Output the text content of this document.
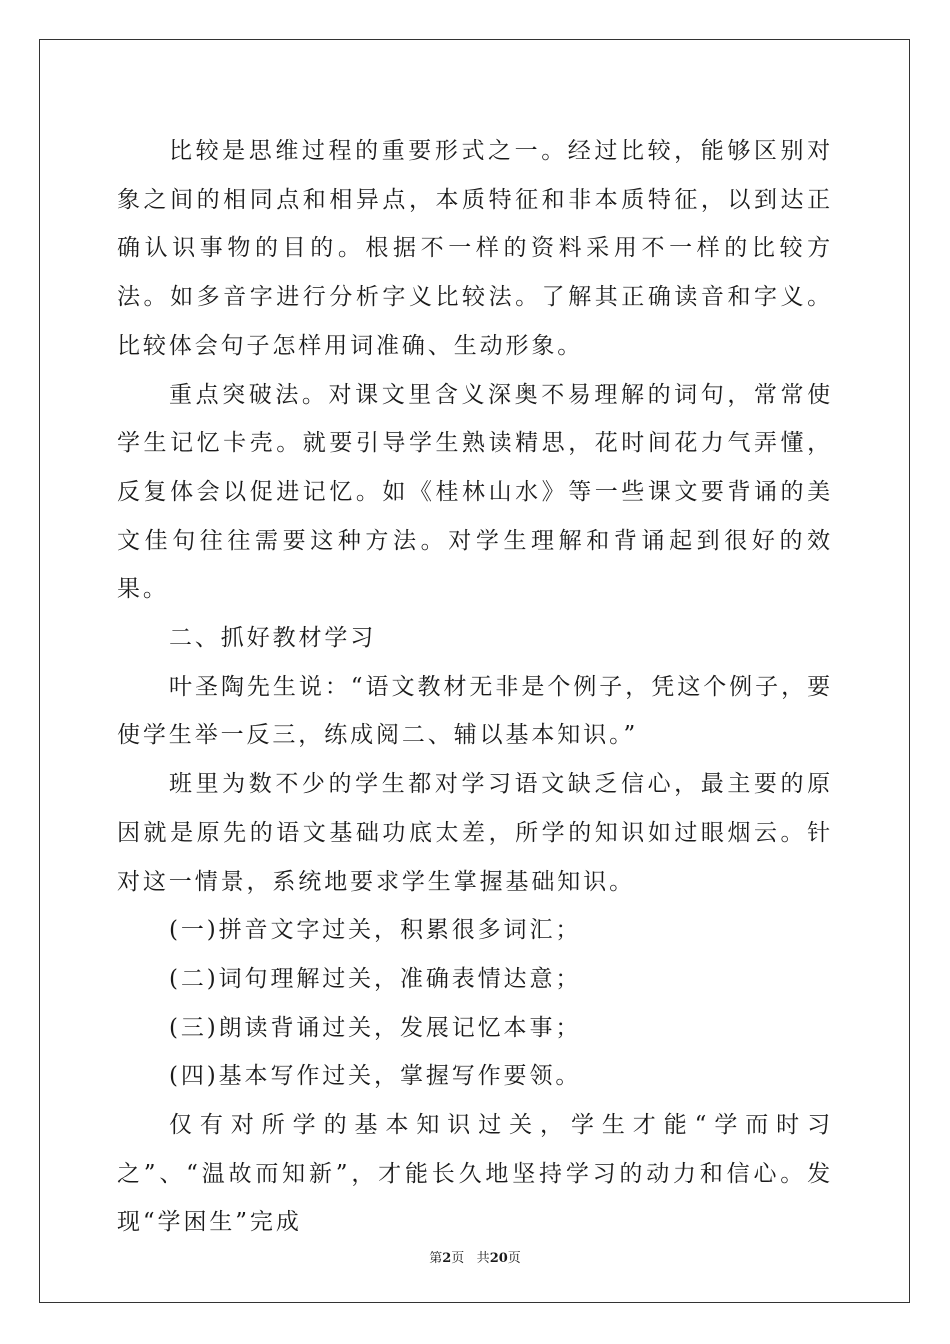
比较是思维过程的重要形式之一。经过比较，能够区别对象之间的相同点和相异点，本质特征和非本质特征，以到达正确认识事物的目的。根据不一样的资料采用不一样的比较方法。如多音字进行分析字义比较法。了解其正确读音和字义。比较体会句子怎样用词准确、生动形象。

重点突破法。对课文里含义深奥不易理解的词句，常常使学生记忆卡壳。就要引导学生熟读精思，花时间花力气弄懂，反复体会以促进记忆。如《桂林山水》等一些课文要背诵的美文佳句往往需要这种方法。对学生理解和背诵起到很好的效果。

二、抓好教材学习

叶圣陶先生说：“语文教材无非是个例子，凭这个例子，要使学生举一反三，练成阅二、辅以基本知识。”

班里为数不少的学生都对学习语文缺乏信心，最主要的原因就是原先的语文基础功底太差，所学的知识如过眼烟云。针对这一情景，系统地要求学生掌握基础知识。

(一)拼音文字过关，积累很多词汇；

(二)词句理解过关，准确表情达意；

(三)朗读背诵过关，发展记忆本事；

(四)基本写作过关，掌握写作要领。

仅有对所学的基本知识过关，学生才能“学而时习之”、“温故而知新”，才能长久地坚持学习的动力和信心。发现“学困生”完成

第2页 共20页
